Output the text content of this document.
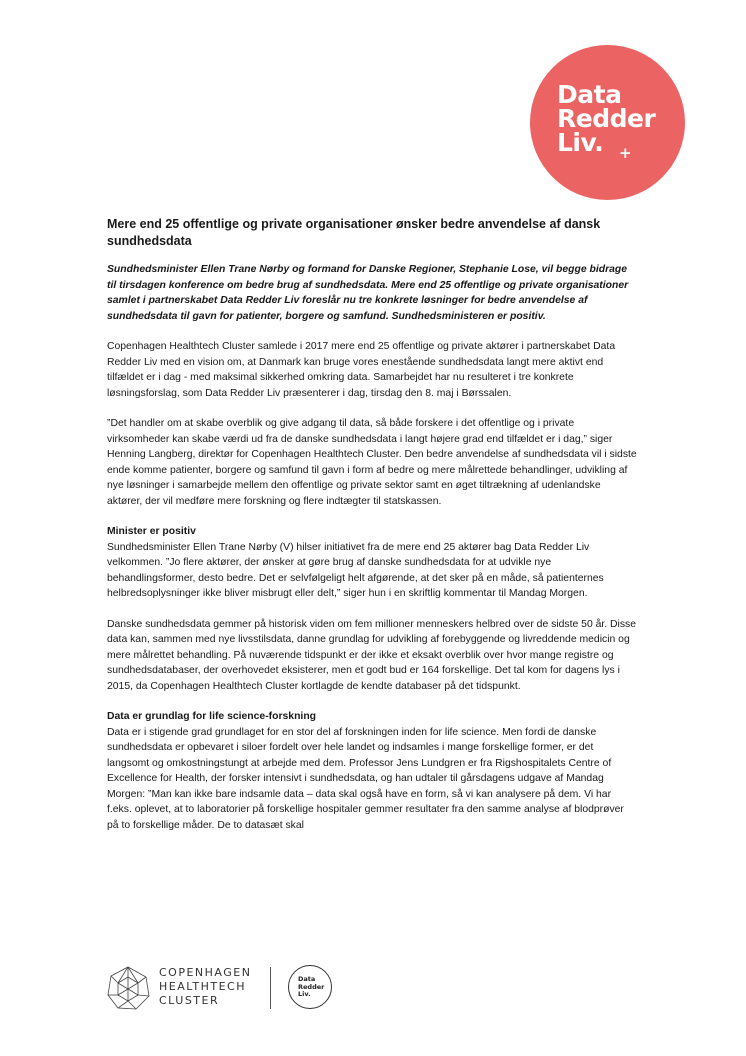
Data
Redder
Liv.	+
Mere end 25 offentlige og private organisationer ønsker bedre anvendelse af dansk sundhedsdata

Sundhedsminister Ellen Trane Nørby og formand for Danske Regioner, Stephanie Lose, vil begge bidrage til tirsdagen konference om bedre brug af sundhedsdata. Mere end 25 offentlige og private organisationer samlet i partnerskabet Data Redder Liv foreslår nu tre konkrete løsninger for bedre anvendelse af sundhedsdata til gavn for patienter, borgere og samfund. Sundhedsministeren er positiv.

Copenhagen Healthtech Cluster samlede i 2017 mere end 25 offentlige og private aktører i partnerskabet Data Redder Liv med en vision om, at Danmark kan bruge vores enestående sundhedsdata langt mere aktivt end tilfældet er i dag - med maksimal sikkerhed omkring data. Samarbejdet har nu resulteret i tre konkrete løsningsforslag, som Data Redder Liv præsenterer i dag, tirsdag den 8. maj i Børssalen.

”Det handler om at skabe overblik og give adgang til data, så både forskere i det offentlige og i private virksomheder kan skabe værdi ud fra de danske sundhedsdata i langt højere grad end tilfældet er i dag,” siger Henning Langberg, direktør for Copenhagen Healthtech Cluster. Den bedre anvendelse af sundhedsdata vil i sidste ende komme patienter, borgere og samfund til gavn i form af bedre og mere målrettede behandlinger, udvikling af nye løsninger i samarbejde mellem den offentlige og private sektor samt en øget tiltrækning af udenlandske aktører, der vil medføre mere forskning og flere indtægter til statskassen.

Minister er positiv

Sundhedsminister Ellen Trane Nørby (V) hilser initiativet fra de mere end 25 aktører bag Data Redder Liv velkommen. ”Jo flere aktører, der ønsker at gøre brug af danske sundhedsdata for at udvikle nye behandlingsformer, desto bedre. Det er selvfølgeligt helt afgørende, at det sker på en måde, så patienternes helbredsoplysninger ikke bliver misbrugt eller delt,” siger hun i en skriftlig kommentar til Mandag Morgen.

Danske sundhedsdata gemmer på historisk viden om fem millioner menneskers helbred over de sidste 50 år. Disse data kan, sammen med nye livsstilsdata, danne grundlag for udvikling af forebyggende og livreddende medicin og mere målrettet behandling. På nuværende tidspunkt er der ikke et eksakt overblik over hvor mange registre og sundhedsdatabaser, der overhovedet eksisterer, men et godt bud er 164 forskellige. Det tal kom for dagens lys i 2015, da Copenhagen Healthtech Cluster kortlagde de kendte databaser på det tidspunkt.

Data er grundlag for life science-forskning

Data er i stigende grad grundlaget for en stor del af forskningen inden for life science. Men fordi de danske sundhedsdata er opbevaret i siloer fordelt over hele landet og indsamles i mange forskellige former, er det langsomt og omkostningstungt at arbejde med dem. Professor Jens Lundgren er fra Rigshospitalets Centre of Excellence for Health, der forsker intensivt i sundhedsdata, og han udtaler til gårsdagens udgave af Mandag Morgen: ”Man kan ikke bare indsamle data – data skal også have en form, så vi kan analysere på dem. Vi har f.eks. oplevet, at to laboratorier på forskellige hospitaler gemmer resultater fra den samme analyse af blodprøver på to forskellige måder. De to datasæt skal

COPENHAGEN
HEALTHTECH
CLUSTER
Data
Redder
Liv.
